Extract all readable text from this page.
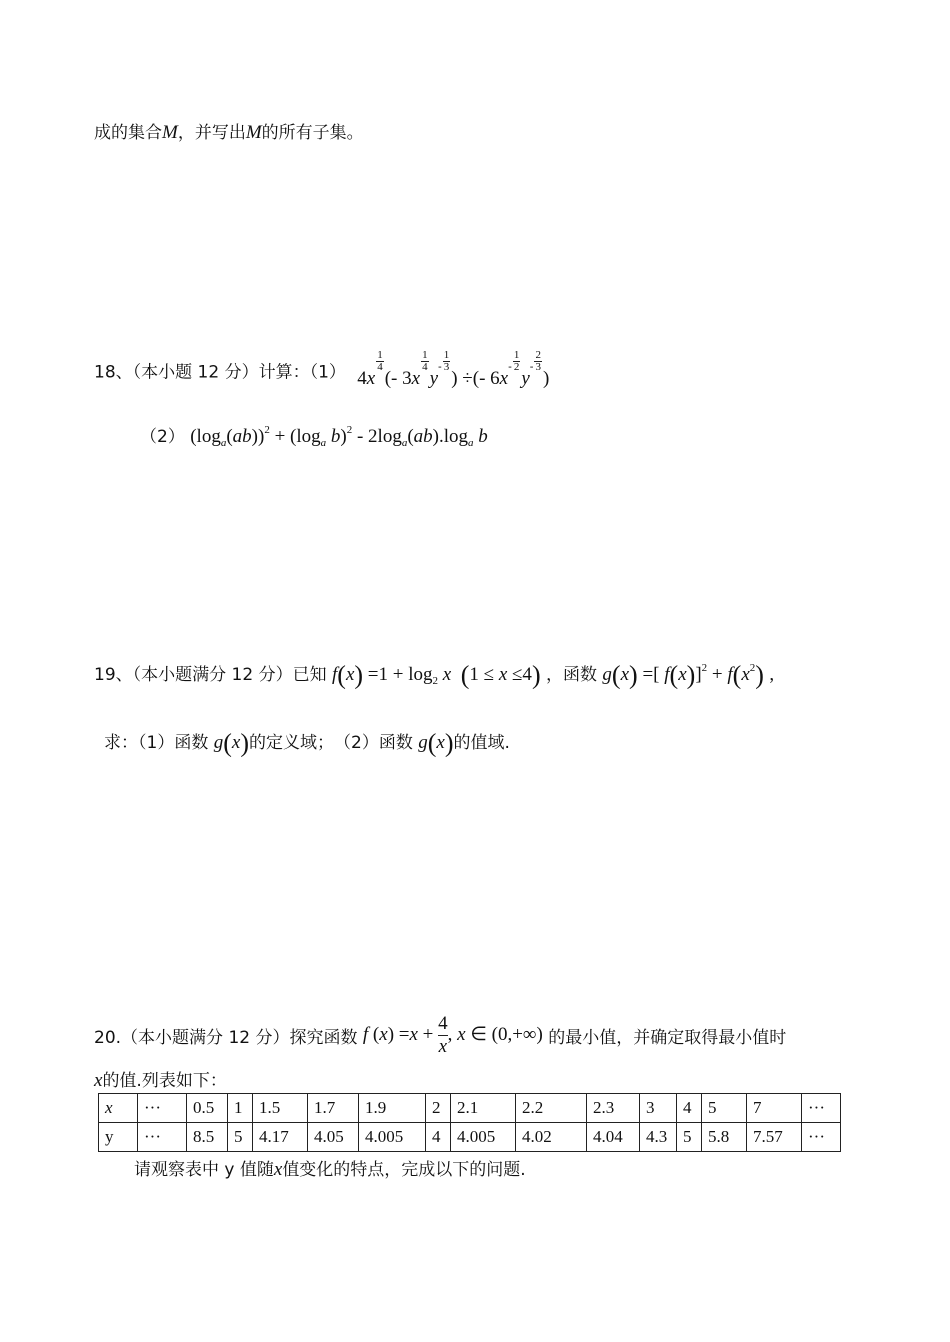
成的集合M，并写出M的所有子集。
18、（本小题 12 分）计算：（1） 4x
$^{\frac{1}{4}}$
(- 3x
$^{\frac{1}{4}}$
y- $^{\frac{1}{3}}$
) ÷(- 6x- $^{\frac{1}{2}}$
y- $^{\frac{2}{3}}$
)
（2） $(\log_a(ab))^2 + (\log_a$ $b)^2 - 2\log_a(ab).\log_a$ b
19、（本小题满分 12 分）已知 $f(x) =1 + \log_2 x$ (1 ≤ x ≤4) ，函数 g(x) =[ $f(x)]^2 + f(x^2)$ ,
求：（1）函数 g(x)的定义域；　（2）函数 g(x)的值域.
20.（本小题满分 12 分）探究函数 f $(x) =x + \frac{4}{x}$ , x ∈ (0,+∞) 的最小值，并确定取得最小值时
x的值.列表如下：
x	···	0.5	1	1.5	1.7	1.9	2	2.1	2.2	2.3	3	4	5	7	···
y	···	8.5	5	4.17	4.05	4.005	4	4.005	4.02	4.04	4.3	5	5.8	7.57	···
请观察表中 y 值随x值变化的特点，完成以下的问题.
